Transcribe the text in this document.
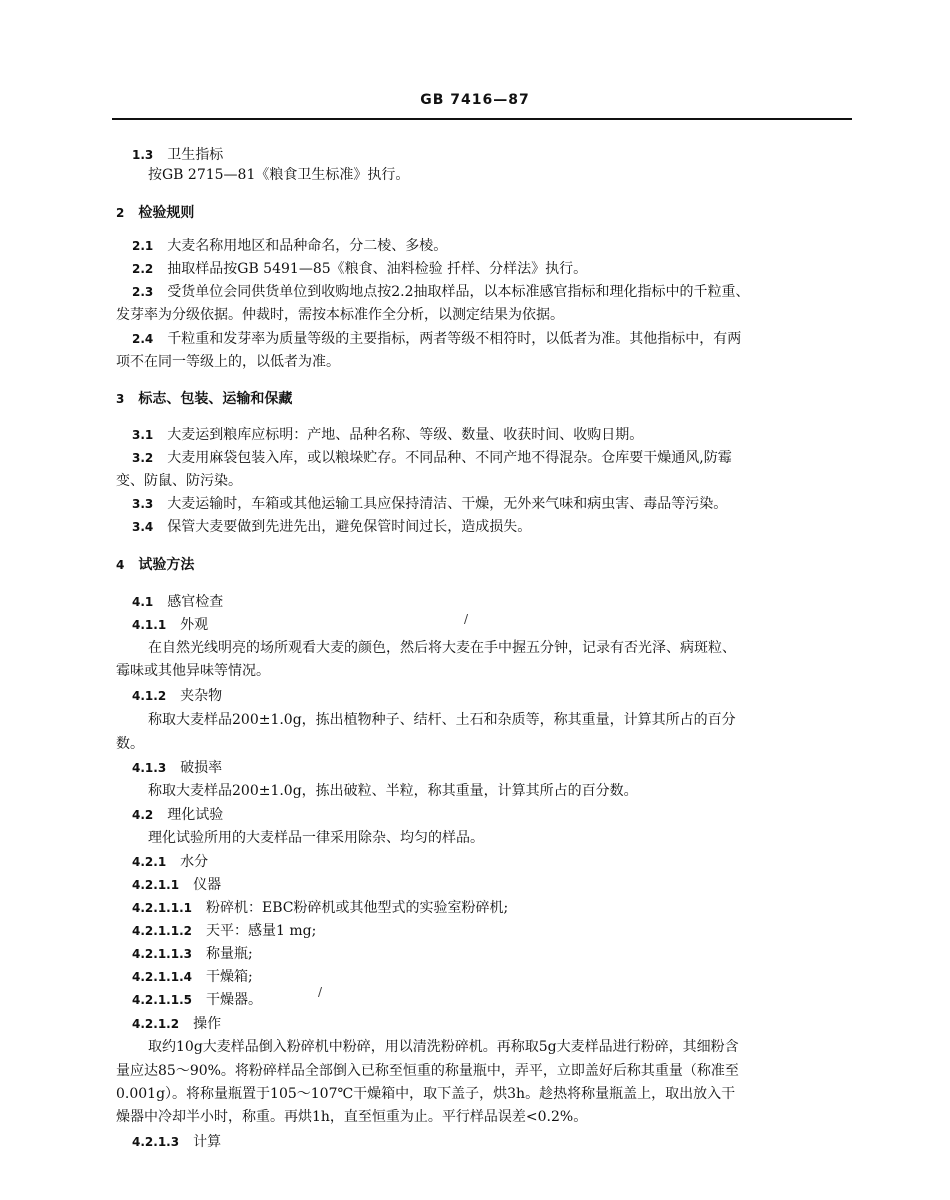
GB 7416—87
1.3 卫生指标
按GB 2715—81《粮食卫生标准》执行。
2 检验规则
2.1 大麦名称用地区和品种命名，分二棱、多棱。
2.2 抽取样品按GB 5491—85《粮食、油料检验 扦样、分样法》执行。
2.3 受货单位会同供货单位到收购地点按2.2抽取样品，以本标准感官指标和理化指标中的千粒重、
发芽率为分级依据。仲裁时，需按本标准作全分析，以测定结果为依据。
2.4 千粒重和发芽率为质量等级的主要指标，两者等级不相符时，以低者为准。其他指标中，有两
项不在同一等级上的，以低者为准。
3 标志、包装、运输和保藏
3.1 大麦运到粮库应标明：产地、品种名称、等级、数量、收获时间、收购日期。
3.2 大麦用麻袋包装入库，或以粮垛贮存。不同品种、不同产地不得混杂。仓库要干燥通风,防霉
变、防鼠、防污染。
3.3 大麦运输时，车箱或其他运输工具应保持清洁、干燥，无外来气味和病虫害、毒品等污染。
3.4 保管大麦要做到先进先出，避免保管时间过长，造成损失。
4 试验方法
4.1 感官检查
4.1.1 外观
在自然光线明亮的场所观看大麦的颜色，然后将大麦在手中握五分钟，记录有否光泽、病斑粒、
霉味或其他异味等情况。
4.1.2 夹杂物
称取大麦样品200±1.0g，拣出植物种子、结杆、土石和杂质等，称其重量，计算其所占的百分
数。
4.1.3 破损率
称取大麦样品200±1.0g，拣出破粒、半粒，称其重量，计算其所占的百分数。
4.2 理化试验
理化试验所用的大麦样品一律采用除杂、均匀的样品。
4.2.1 水分
4.2.1.1 仪器
4.2.1.1.1 粉碎机：EBC粉碎机或其他型式的实验室粉碎机;
4.2.1.1.2 天平：感量1 mg;
4.2.1.1.3 称量瓶;
4.2.1.1.4 干燥箱;
4.2.1.1.5 干燥器。
4.2.1.2 操作
取约10g大麦样品倒入粉碎机中粉碎，用以清洗粉碎机。再称取5g大麦样品进行粉碎，其细粉含
量应达85～90%。将粉碎样品全部倒入已称至恒重的称量瓶中，弄平，立即盖好后称其重量（称准至
0.001g）。将称量瓶置于105～107℃干燥箱中，取下盖子，烘3h。趁热将称量瓶盖上，取出放入干
燥器中冷却半小时，称重。再烘1h，直至恒重为止。平行样品误差<0.2%。
4.2.1.3 计算
/
/
